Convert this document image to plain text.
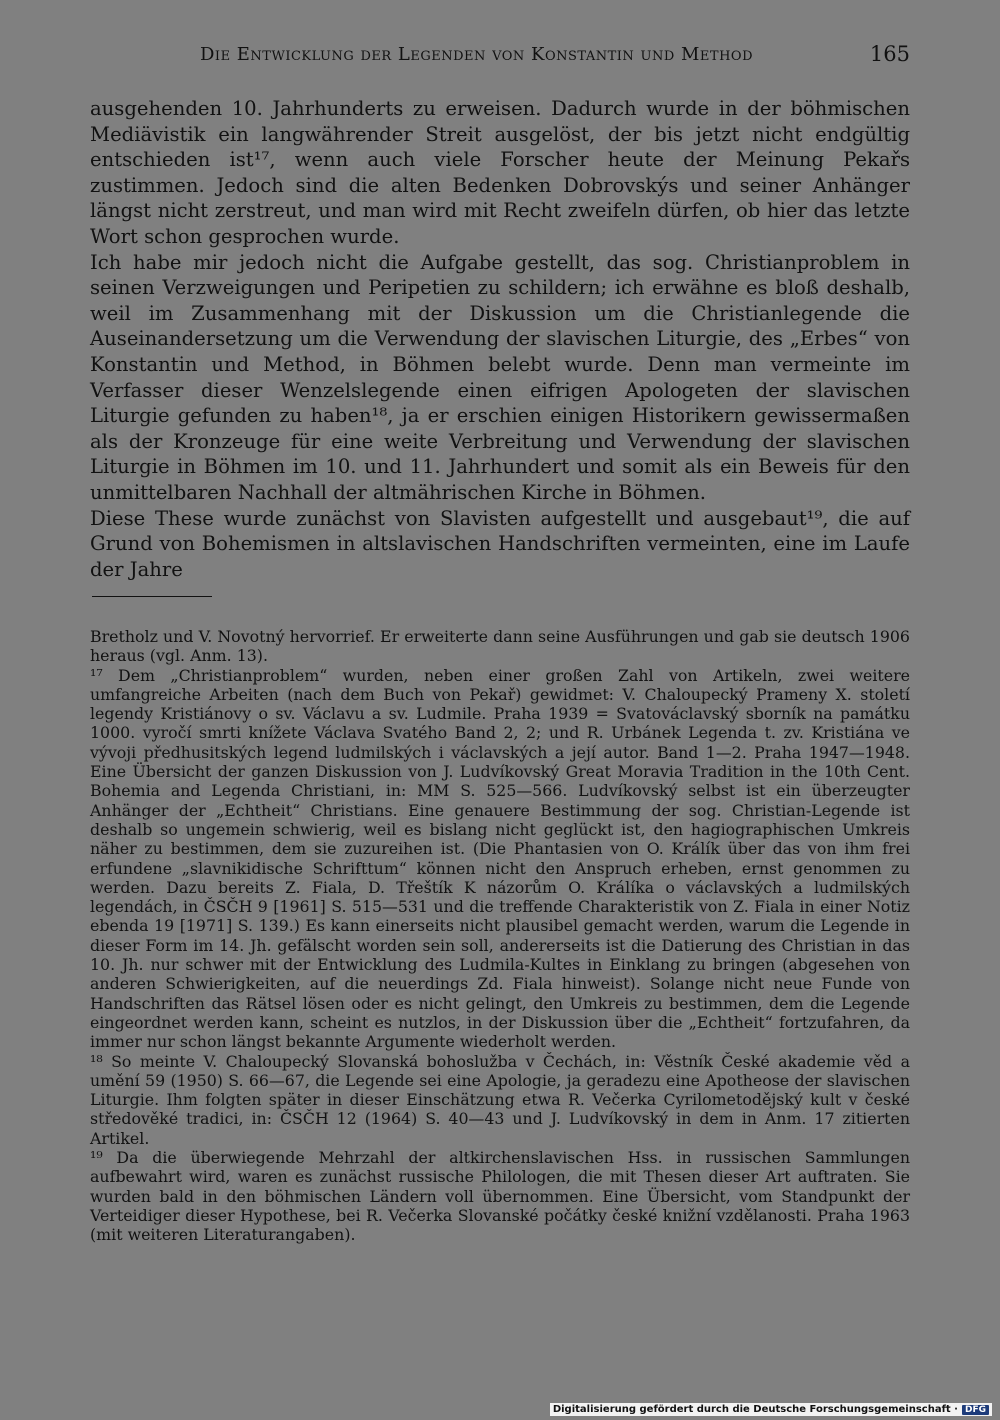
Die Entwicklung der Legenden von Konstantin und Method	165

ausgehenden 10. Jahrhunderts zu erweisen. Dadurch wurde in der böhmischen Mediävistik ein langwährender Streit ausgelöst, der bis jetzt nicht endgültig entschieden ist¹⁷, wenn auch viele Forscher heute der Meinung Pekařs zustimmen. Jedoch sind die alten Bedenken Dobrovskýs und seiner Anhänger längst nicht zerstreut, und man wird mit Recht zweifeln dürfen, ob hier das letzte Wort schon gesprochen wurde.

Ich habe mir jedoch nicht die Aufgabe gestellt, das sog. Christianproblem in seinen Verzweigungen und Peripetien zu schildern; ich erwähne es bloß deshalb, weil im Zusammenhang mit der Diskussion um die Christianlegende die Auseinandersetzung um die Verwendung der slavischen Liturgie, des „Erbes“ von Konstantin und Method, in Böhmen belebt wurde. Denn man vermeinte im Verfasser dieser Wenzelslegende einen eifrigen Apologeten der slavischen Liturgie gefunden zu haben¹⁸, ja er erschien einigen Historikern gewissermaßen als der Kronzeuge für eine weite Verbreitung und Verwendung der slavischen Liturgie in Böhmen im 10. und 11. Jahrhundert und somit als ein Beweis für den unmittelbaren Nachhall der altmährischen Kirche in Böhmen.

Diese These wurde zunächst von Slavisten aufgestellt und ausgebaut¹⁹, die auf Grund von Bohemismen in altslavischen Handschriften vermeinten, eine im Laufe der Jahre

Bretholz und V. Novotný hervorrief. Er erweiterte dann seine Ausführungen und gab sie deutsch 1906 heraus (vgl. Anm. 13).

¹⁷ Dem „Christianproblem“ wurden, neben einer großen Zahl von Artikeln, zwei weitere umfangreiche Arbeiten (nach dem Buch von Pekař) gewidmet: V. Chaloupecký Prameny X. století legendy Kristiánovy o sv. Václavu a sv. Ludmile. Praha 1939 = Svatováclavský sborník na památku 1000. vyročí smrti knížete Václava Svatého Band 2, 2; und R. Urbánek Legenda t. zv. Kristiána ve vývoji předhusitských legend ludmilských i václavských a její autor. Band 1—2. Praha 1947—1948. Eine Übersicht der ganzen Diskussion von J. Ludvíkovský Great Moravia Tradition in the 10th Cent. Bohemia and Legenda Christiani, in: MM S. 525—566. Ludvíkovský selbst ist ein überzeugter Anhänger der „Echtheit“ Christians. Eine genauere Bestimmung der sog. Christian-Legende ist deshalb so ungemein schwierig, weil es bislang nicht geglückt ist, den hagiographischen Umkreis näher zu bestimmen, dem sie zuzureihen ist. (Die Phantasien von O. Králík über das von ihm frei erfundene „slavnikidische Schrifttum“ können nicht den Anspruch erheben, ernst genommen zu werden. Dazu bereits Z. Fiala, D. Třeštík K názorům O. Králíka o václavských a ludmilských legendách, in ČSČH 9 [1961] S. 515—531 und die treffende Charakteristik von Z. Fiala in einer Notiz ebenda 19 [1971] S. 139.) Es kann einerseits nicht plausibel gemacht werden, warum die Legende in dieser Form im 14. Jh. gefälscht worden sein soll, andererseits ist die Datierung des Christian in das 10. Jh. nur schwer mit der Entwicklung des Ludmila-Kultes in Einklang zu bringen (abgesehen von anderen Schwierigkeiten, auf die neuerdings Zd. Fiala hinweist). Solange nicht neue Funde von Handschriften das Rätsel lösen oder es nicht gelingt, den Umkreis zu bestimmen, dem die Legende eingeordnet werden kann, scheint es nutzlos, in der Diskussion über die „Echtheit“ fortzufahren, da immer nur schon längst bekannte Argumente wiederholt werden.

¹⁸ So meinte V. Chaloupecký Slovanská bohoslužba v Čechách, in: Věstník České akademie věd a umění 59 (1950) S. 66—67, die Legende sei eine Apologie, ja geradezu eine Apotheose der slavischen Liturgie. Ihm folgten später in dieser Einschätzung etwa R. Večerka Cyrilometodějský kult v české středověké tradici, in: ČSČH 12 (1964) S. 40—43 und J. Ludvíkovský in dem in Anm. 17 zitierten Artikel.

¹⁹ Da die überwiegende Mehrzahl der altkirchenslavischen Hss. in russischen Sammlungen aufbewahrt wird, waren es zunächst russische Philologen, die mit Thesen dieser Art auftraten. Sie wurden bald in den böhmischen Ländern voll übernommen. Eine Übersicht, vom Standpunkt der Verteidiger dieser Hypothese, bei R. Večerka Slovanské počátky české knižní vzdělanosti. Praha 1963 (mit weiteren Literaturangaben).

Digitalisierung gefördert durch die Deutsche Forschungsgemeinschaft · DFG
